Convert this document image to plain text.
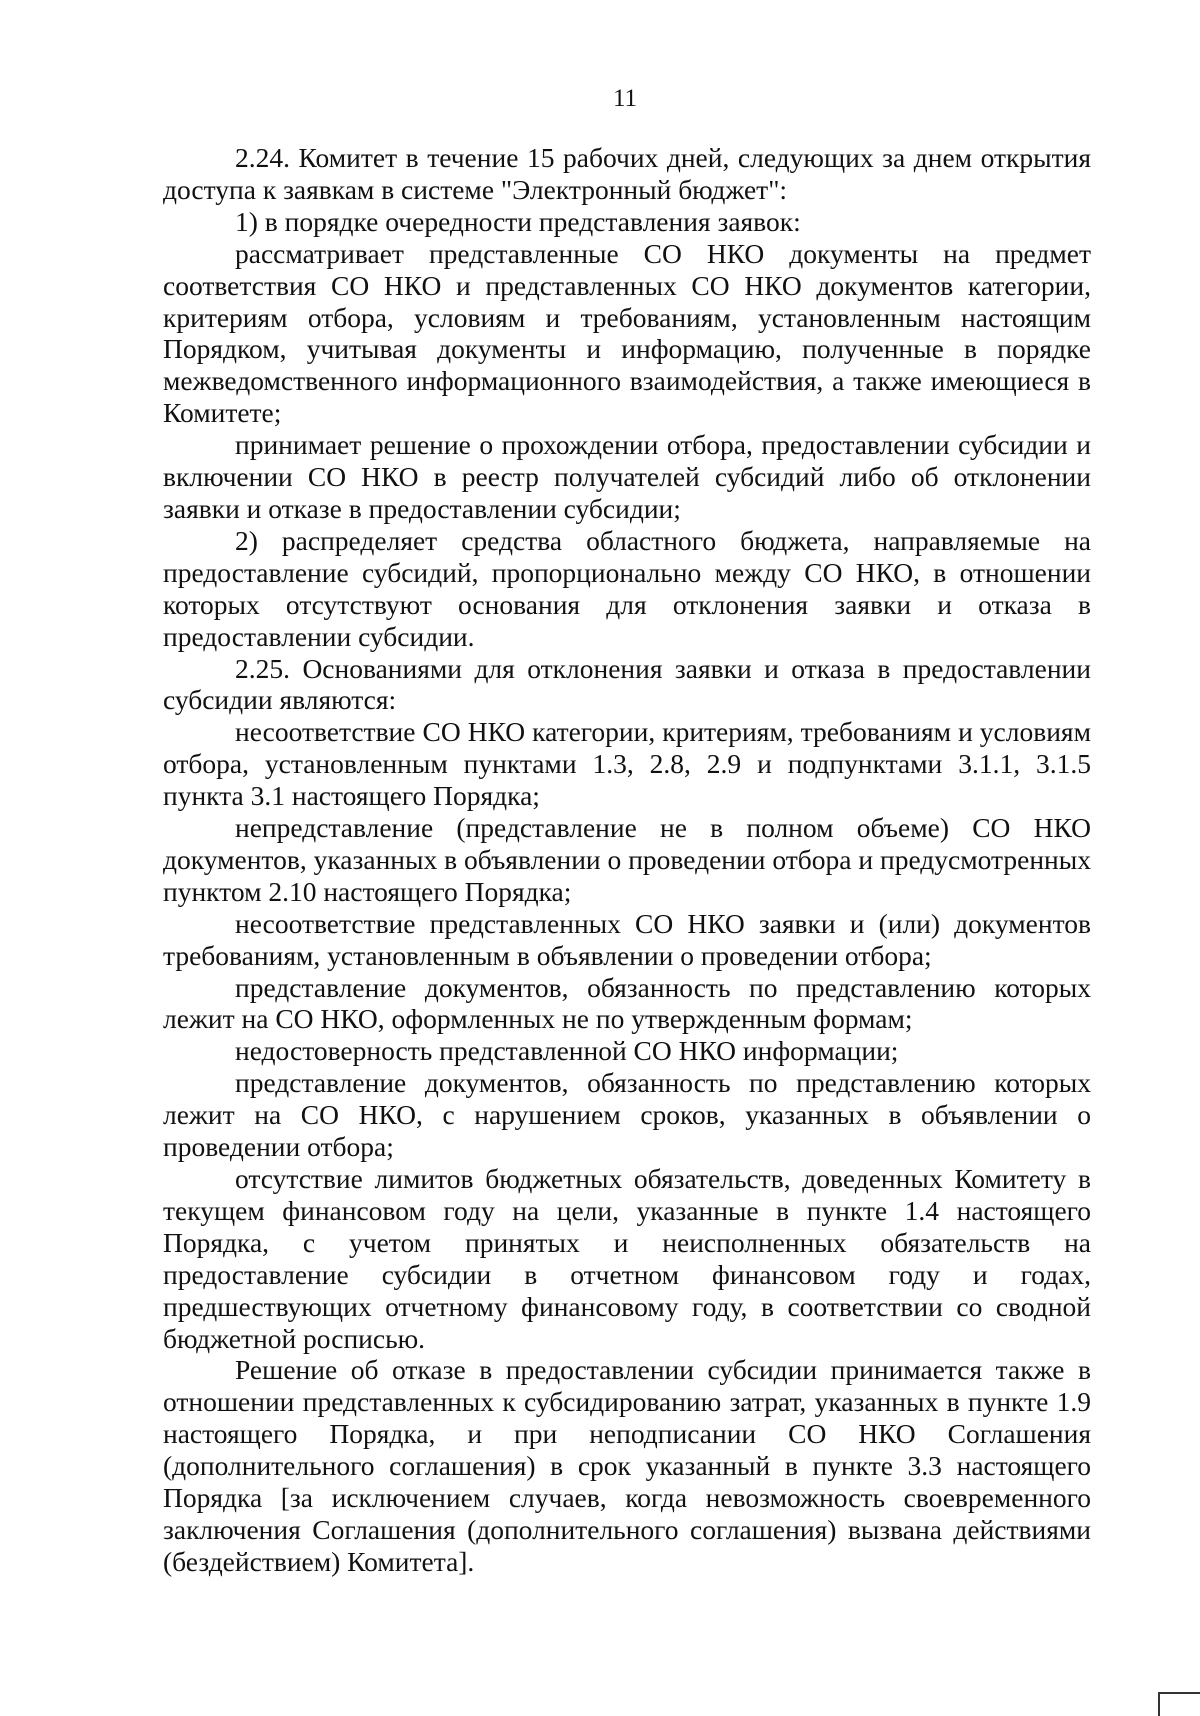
11

2.24. Комитет в течение 15 рабочих дней, следующих за днем открытия доступа к заявкам в системе "Электронный бюджет":

1) в порядке очередности представления заявок:

рассматривает представленные СО НКО документы на предмет соответствия СО НКО и представленных СО НКО документов категории, критериям отбора, условиям и требованиям, установленным настоящим Порядком, учитывая документы и информацию, полученные в порядке межведомственного информационного взаимодействия, а также имеющиеся в Комитете;

принимает решение о прохождении отбора, предоставлении субсидии и включении СО НКО в реестр получателей субсидий либо об отклонении заявки и отказе в предоставлении субсидии;

2) распределяет средства областного бюджета, направляемые на предоставление субсидий, пропорционально между СО НКО, в отношении которых отсутствуют основания для отклонения заявки и отказа в предоставлении субсидии.

2.25. Основаниями для отклонения заявки и отказа в предоставлении субсидии являются:

несоответствие СО НКО категории, критериям, требованиям и условиям отбора, установленным пунктами 1.3, 2.8, 2.9 и подпунктами 3.1.1, 3.1.5 пункта 3.1 настоящего Порядка;

непредставление (представление не в полном объеме) СО НКО документов, указанных в объявлении о проведении отбора и предусмотренных пунктом 2.10 настоящего Порядка;

несоответствие представленных СО НКО заявки и (или) документов требованиям, установленным в объявлении о проведении отбора;

представление документов, обязанность по представлению которых лежит на СО НКО, оформленных не по утвержденным формам;

недостоверность представленной СО НКО информации;

представление документов, обязанность по представлению которых лежит на СО НКО, с нарушением сроков, указанных в объявлении о проведении отбора;

отсутствие лимитов бюджетных обязательств, доведенных Комитету в текущем финансовом году на цели, указанные в пункте 1.4 настоящего Порядка, с учетом принятых и неисполненных обязательств на предоставление субсидии в отчетном финансовом году и годах, предшествующих отчетному финансовому году, в соответствии со сводной бюджетной росписью.

Решение об отказе в предоставлении субсидии принимается также в отношении представленных к субсидированию затрат, указанных в пункте 1.9 настоящего Порядка, и при неподписании СО НКО Соглашения (дополнительного соглашения) в срок указанный в пункте 3.3 настоящего Порядка [за исключением случаев, когда невозможность своевременного заключения Соглашения (дополнительного соглашения) вызвана действиями (бездействием) Комитета].
